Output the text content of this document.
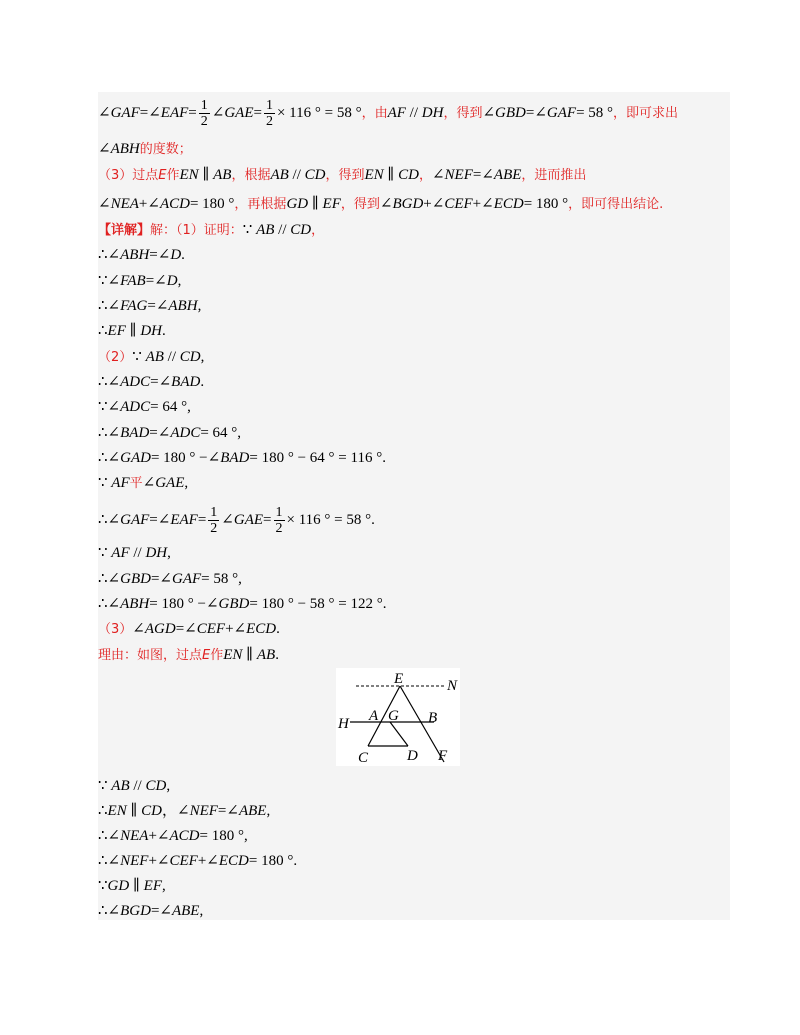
∠GAF=∠EAF= $\frac{1}{2}$ ∠GAE= $\frac{1}{2} \times 116$ ° = 58 °，由AF // DH，得到∠GBD=∠GAF= 58 °，即可求出
∠ABH的度数；
（3）过点E作EN ∥ AB，根据AB // CD，得到EN ∥ CD，∠NEF=∠ABE，进而推出
∠NEA+∠ACD= 180 °，再根据GD ∥ EF，得到∠BGD+∠CEF+∠ECD= 180 °，即可得出结论.
【详解】解：（1）证明：∵ AB // CD，
∴∠ABH=∠D.
∵∠FAB=∠D,
∴∠FAG=∠ABH,
∴EF ∥ DH.
（2）∵ AB // CD,
∴∠ADC=∠BAD.
∵∠ADC= 64 °,
∴∠BAD=∠ADC= 64 °,
∴∠GAD= 180 ° −∠BAD= 180 ° − 64 ° = 116 °.
∵ AF平∠GAE,
∴∠GAF=∠EAF= $\frac{1}{2}$ ∠GAE= $\frac{1}{2} \times 116$ ° = 58 °.
∵ AF // DH,
∴∠GBD=∠GAF= 58 °,
∴∠ABH= 180 ° −∠GBD= 180 ° − 58 ° = 122 °.
（3）∠AGD=∠CEF+∠ECD.
理由：如图，过点E作EN ∥ AB.
E	N
A G B
H
C	D F
∵ AB // CD,
∴EN ∥ CD，∠NEF=∠ABE,
∴∠NEA+∠ACD= 180 °,
∴∠NEF+∠CEF+∠ECD= 180 °.
∵GD ∥ EF,
∴∠BGD=∠ABE,
